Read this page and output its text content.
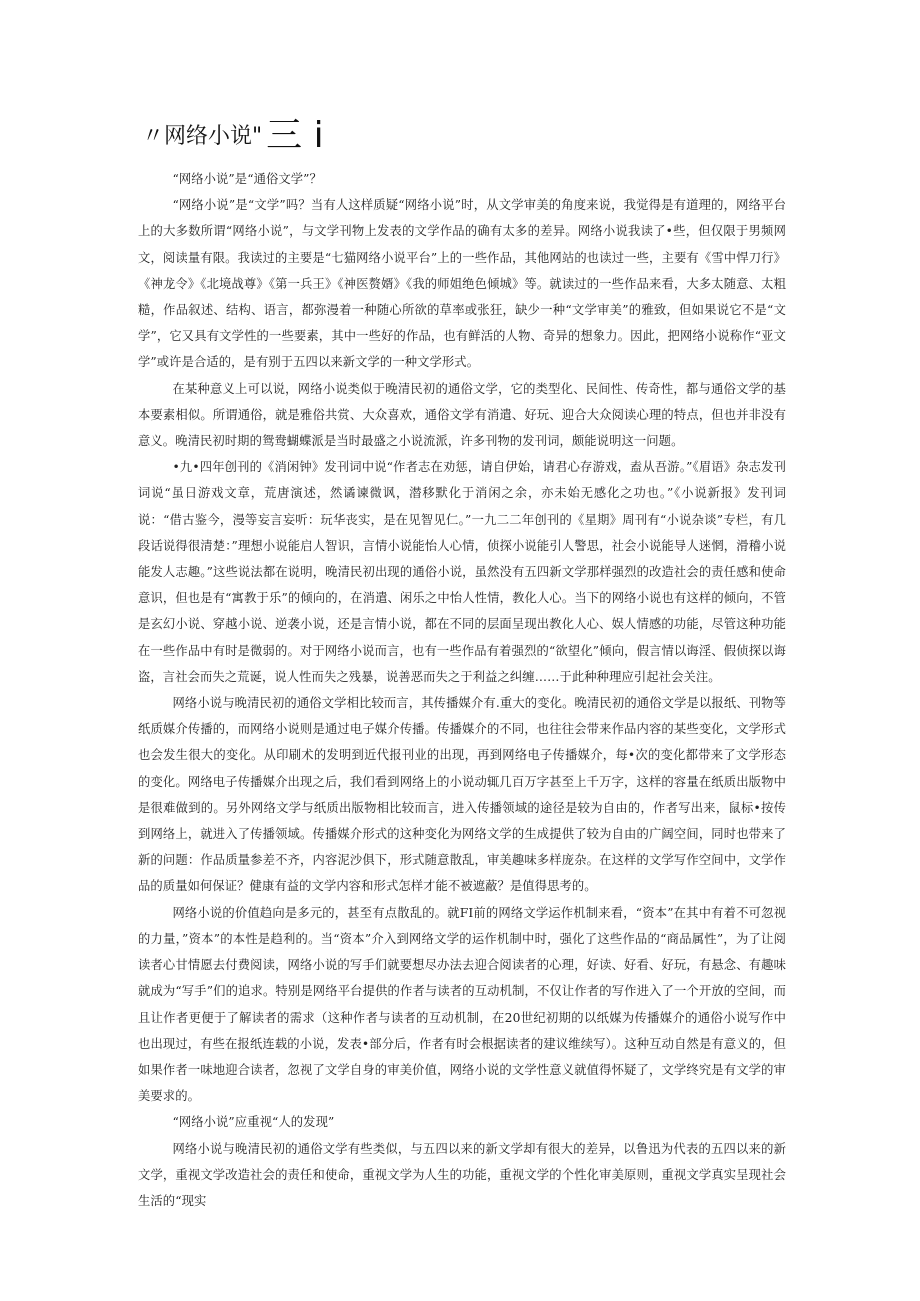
〃网络小说" 三 i

“网络小说”是“通俗文学”？

“网络小说”是“文学”吗？当有人这样质疑“网络小说”时，从文学审美的角度来说，我觉得是有道理的，网络平台上的大多数所谓“网络小说”，与文学刊物上发表的文学作品的确有太多的差异。网络小说我读了•些，但仅限于男频网文，阅读量有限。我读过的主要是“七猫网络小说平台”上的一些作品，其他网站的也读过一些，主要有《雪中悍刀行》《神龙令》《北境战尊》《第一兵王》《神医赘婿》《我的师姐绝色倾城》等。就读过的一些作品来看，大多太随意、太粗糙，作品叙述、结构、语言，都弥漫着一种随心所欲的草率或张狂，缺少一种“文学审美”的雅致，但如果说它不是“文学”，它又具有文学性的一些要素，其中一些好的作品，也有鲜活的人物、奇异的想象力。因此，把网络小说称作“亚文学”或许是合适的，是有别于五四以来新文学的一种文学形式。

在某种意义上可以说，网络小说类似于晚清民初的通俗文学，它的类型化、民间性、传奇性，都与通俗文学的基本要素相似。所谓通俗，就是雅俗共赏、大众喜欢，通俗文学有消遣、好玩、迎合大众阅读心理的特点，但也并非没有意义。晚清民初时期的鸳鸯蝴蝶派是当时最盛之小说流派，许多刊物的发刊词，颇能说明这一问题。

•九•四年创刊的《消闲钟》发刊词中说“作者志在劝惩，请自伊始，请君心存游戏，盍从吾游。”《眉语》杂志发刊词说“虽日游戏文章，荒唐演述，然谲谏微讽，潜移默化于消闲之余，亦未始无感化之功也。”《小说新报》发刊词说：“借古鉴今，漫等妄言妄听：玩华丧实，是在见智见仁。”一九二二年创刊的《星期》周刊有“小说杂谈”专栏，有几段话说得很清楚：”理想小说能启人智识，言情小说能怡人心情，侦探小说能引人警思，社会小说能导人迷惘，滑稽小说能发人志趣。”这些说法都在说明，晚清民初出现的通俗小说，虽然没有五四新文学那样强烈的改造社会的责任感和使命意识，但也是有“寓教于乐”的倾向的，在消遣、闲乐之中怡人性情，教化人心。当下的网络小说也有这样的倾向，不管是玄幻小说、穿越小说、逆袭小说，还是言情小说，都在不同的层面呈现出教化人心、娱人情感的功能，尽管这种功能在一些作品中有时是微弱的。对于网络小说而言，也有一些作品有着强烈的“欲望化”倾向，假言情以诲淫、假侦探以诲盗，言社会而失之荒诞，说人性而失之残暴，说善恶而失之于利益之纠缠……于此种种理应引起社会关注。

网络小说与晚清民初的通俗文学相比较而言，其传播媒介有.重大的变化。晚清民初的通俗文学是以报纸、刊物等纸质媒介传播的，而网络小说则是通过电子媒介传播。传播媒介的不同，也往往会带来作品内容的某些变化，文学形式也会发生很大的变化。从印刷术的发明到近代报刊业的出现，再到网络电子传播媒介，每•次的变化都带来了文学形态的变化。网络电子传播媒介出现之后，我们看到网络上的小说动辄几百万字甚至上千万字，这样的容量在纸质出版物中是很难做到的。另外网络文学与纸质出版物相比较而言，进入传播领域的途径是较为自由的，作者写出来，鼠标•按传到网络上，就进入了传播领域。传播媒介形式的这种变化为网络文学的生成提供了较为自由的广阔空间，同时也带来了新的问题：作品质量参差不齐，内容泥沙俱下，形式随意散乱，审美趣味多样庞杂。在这样的文学写作空间中，文学作品的质量如何保证？健康有益的文学内容和形式怎样才能不被遮蔽？是值得思考的。

网络小说的价值趋向是多元的，甚至有点散乱的。就FI前的网络文学运作机制来看，“资本”在其中有着不可忽视的力量，”资本”的本性是趋利的。当“资本”介入到网络文学的运作机制中时，强化了这些作品的“商品属性”，为了让阅读者心甘情愿去付费阅读，网络小说的写手们就要想尽办法去迎合阅读者的心理，好读、好看、好玩，有悬念、有趣味就成为“写手”们的追求。特别是网络平台提供的作者与读者的互动机制，不仅让作者的写作进入了一个开放的空间，而且让作者更便于了解读者的需求（这种作者与读者的互动机制，在20世纪初期的以纸媒为传播媒介的通俗小说写作中也出现过，有些在报纸连载的小说，发表•部分后，作者有时会根据读者的建议维续写）。这种互动自然是有意义的，但如果作者一味地迎合读者，忽视了文学自身的审美价值，网络小说的文学性意义就值得怀疑了，文学终究是有文学的审美要求的。

“网络小说”应重视“人的发现”

网络小说与晚清民初的通俗文学有些类似，与五四以来的新文学却有很大的差异，以鲁迅为代表的五四以来的新文学，重视文学改造社会的责任和使命，重视文学为人生的功能，重视文学的个性化审美原则，重视文学真实呈现社会生活的“现实
